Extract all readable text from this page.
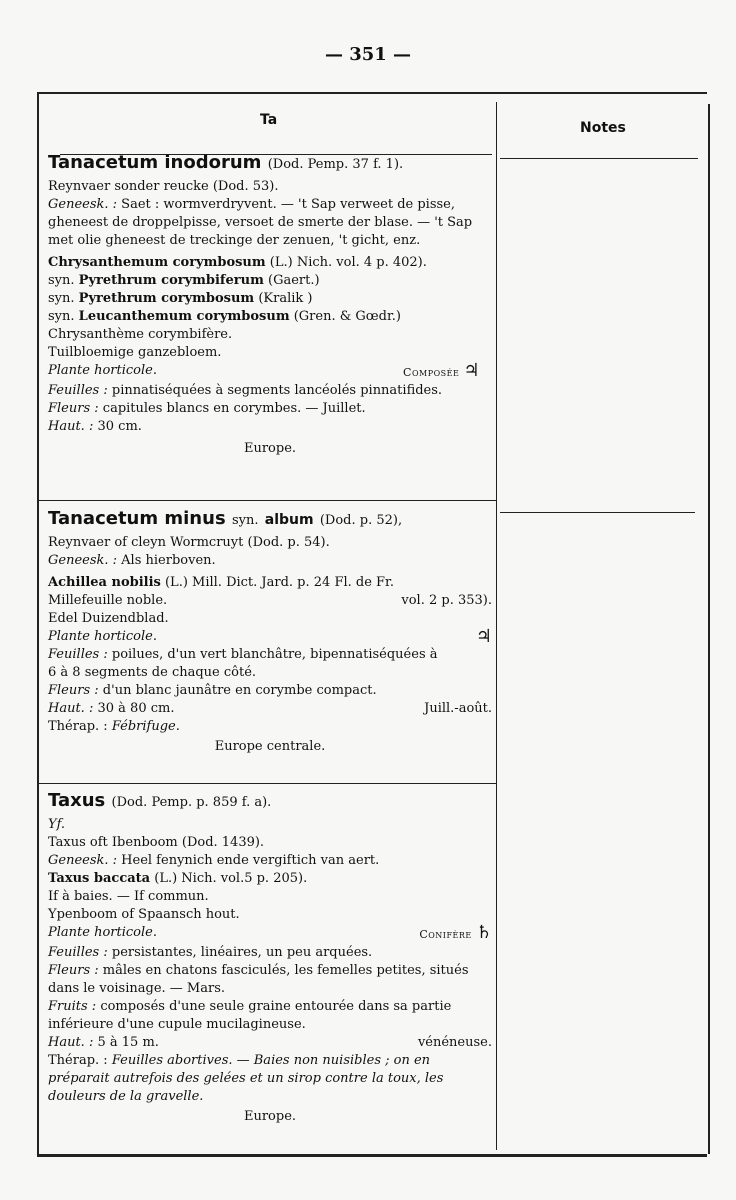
— 351 —
Ta	Notes
Tanacetum inodorum (Dod. Pemp. 37 f. 1).
Reynvaer sonder reucke (Dod. 53).
Geneesk. : Saet : wormverdryvent. — 't Sap verweet de pisse, gheneest de droppelpisse, versoet de smerte der blase. — 't Sap met olie gheneest de treckinge der zenuen, 't gicht, enz.
Chrysanthemum corymbosum (L.) Nich. vol. 4 p. 402).
syn. Pyrethrum corymbiferum (Gaert.)
syn. Pyrethrum corymbosum (Kralik )
syn. Leucanthemum corymbosum (Gren. & Gœdr.)
Chrysanthème corymbifère.
Tuilbloemige ganzebloem.
Plante horticole.	Composée ♃
Feuilles : pinnatiséquées à segments lancéolés pinnatifides.
Fleurs : capitules blancs en corymbes. — Juillet.
Haut. : 30 cm.
Europe.
Tanacetum minus syn. album (Dod. p. 52),
Reynvaer of cleyn Wormcruyt (Dod. p. 54).
Geneesk. : Als hierboven.
Achillea nobilis (L.) Mill. Dict. Jard. p. 24 Fl. de Fr.
Millefeuille noble.	vol. 2 p. 353).
Edel Duizendblad.
Plante horticole.	♃
Feuilles : poilues, d'un vert blanchâtre, bipennatiséquées à
6 à 8 segments de chaque côté.
Fleurs : d'un blanc jaunâtre en corymbe compact.
Haut. : 30 à 80 cm.	Juill.-août.
Thérap. : Fébrifuge.
Europe centrale.
Taxus (Dod. Pemp. p. 859 f. a).
Yf.
Taxus oft Ibenboom (Dod. 1439).
Geneesk. : Heel fenynich ende vergiftich van aert.
Taxus baccata (L.) Nich. vol.5 p. 205).
If à baies. — If commun.
Ypenboom of Spaansch hout.
Plante horticole.	Conifère ♄
Feuilles : persistantes, linéaires, un peu arquées.
Fleurs : mâles en chatons fasciculés, les femelles petites, situés dans le voisinage. — Mars.
Fruits : composés d'une seule graine entourée dans sa partie inférieure d'une cupule mucilagineuse.
Haut. : 5 à 15 m.	vénéneuse.
Thérap. : Feuilles abortives. — Baies non nuisibles ; on en préparait autrefois des gelées et un sirop contre la toux, les douleurs de la gravelle.
Europe.
